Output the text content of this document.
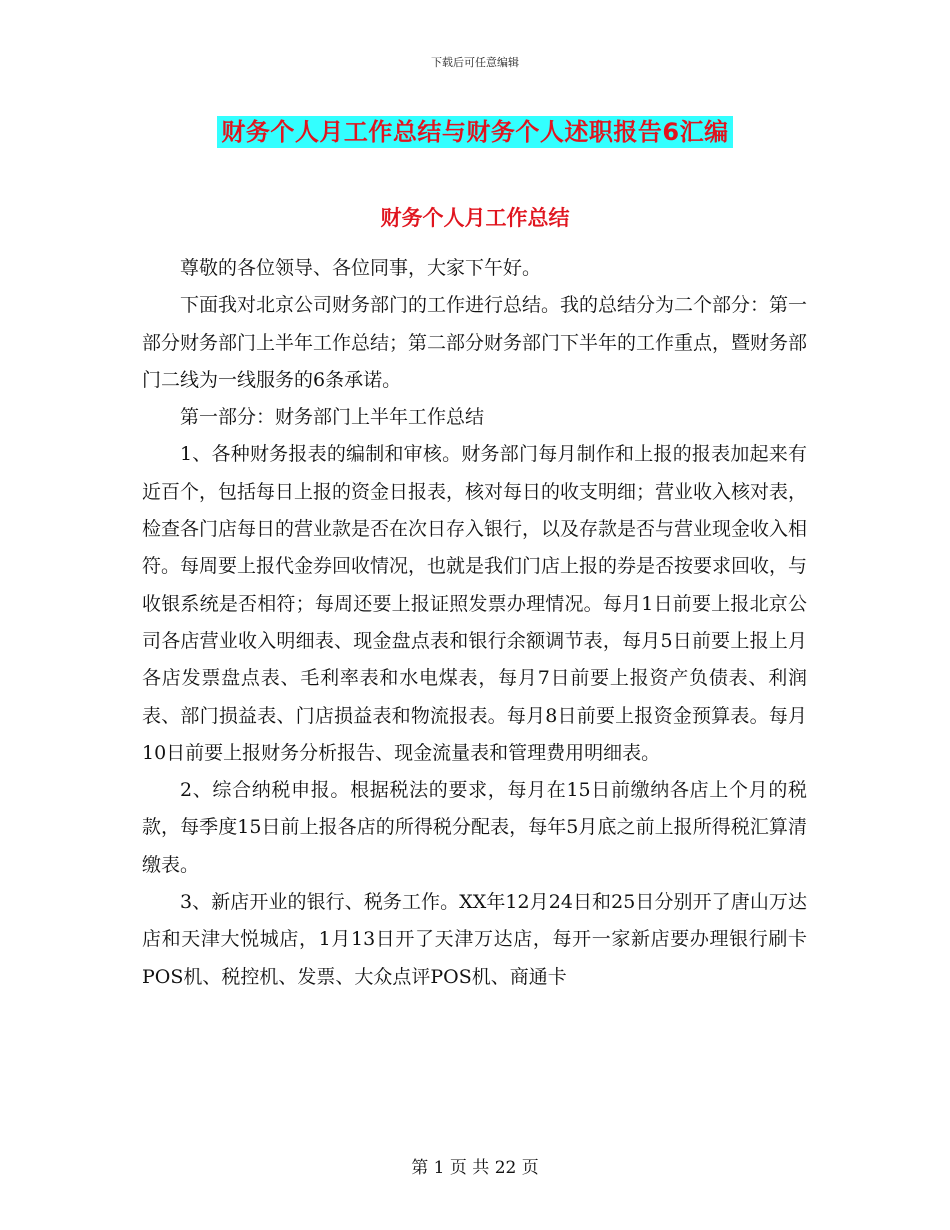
下载后可任意编辑
财务个人月工作总结与财务个人述职报告6汇编
财务个人月工作总结

尊敬的各位领导、各位同事，大家下午好。

下面我对北京公司财务部门的工作进行总结。我的总结分为二个部分：第一部分财务部门上半年工作总结；第二部分财务部门下半年的工作重点，暨财务部门二线为一线服务的6条承诺。

第一部分：财务部门上半年工作总结

1、各种财务报表的编制和审核。财务部门每月制作和上报的报表加起来有近百个，包括每日上报的资金日报表，核对每日的收支明细；营业收入核对表，检查各门店每日的营业款是否在次日存入银行，以及存款是否与营业现金收入相符。每周要上报代金券回收情况，也就是我们门店上报的券是否按要求回收，与收银系统是否相符；每周还要上报证照发票办理情况。每月1日前要上报北京公司各店营业收入明细表、现金盘点表和银行余额调节表，每月5日前要上报上月各店发票盘点表、毛利率表和水电煤表，每月7日前要上报资产负债表、利润表、部门损益表、门店损益表和物流报表。每月8日前要上报资金预算表。每月10日前要上报财务分析报告、现金流量表和管理费用明细表。

2、综合纳税申报。根据税法的要求，每月在15日前缴纳各店上个月的税款，每季度15日前上报各店的所得税分配表，每年5月底之前上报所得税汇算清缴表。

3、新店开业的银行、税务工作。XX年12月24日和25日分别开了唐山万达店和天津大悦城店，1月13日开了天津万达店，每开一家新店要办理银行刷卡POS机、税控机、发票、大众点评POS机、商通卡

第 1 页 共 22 页
